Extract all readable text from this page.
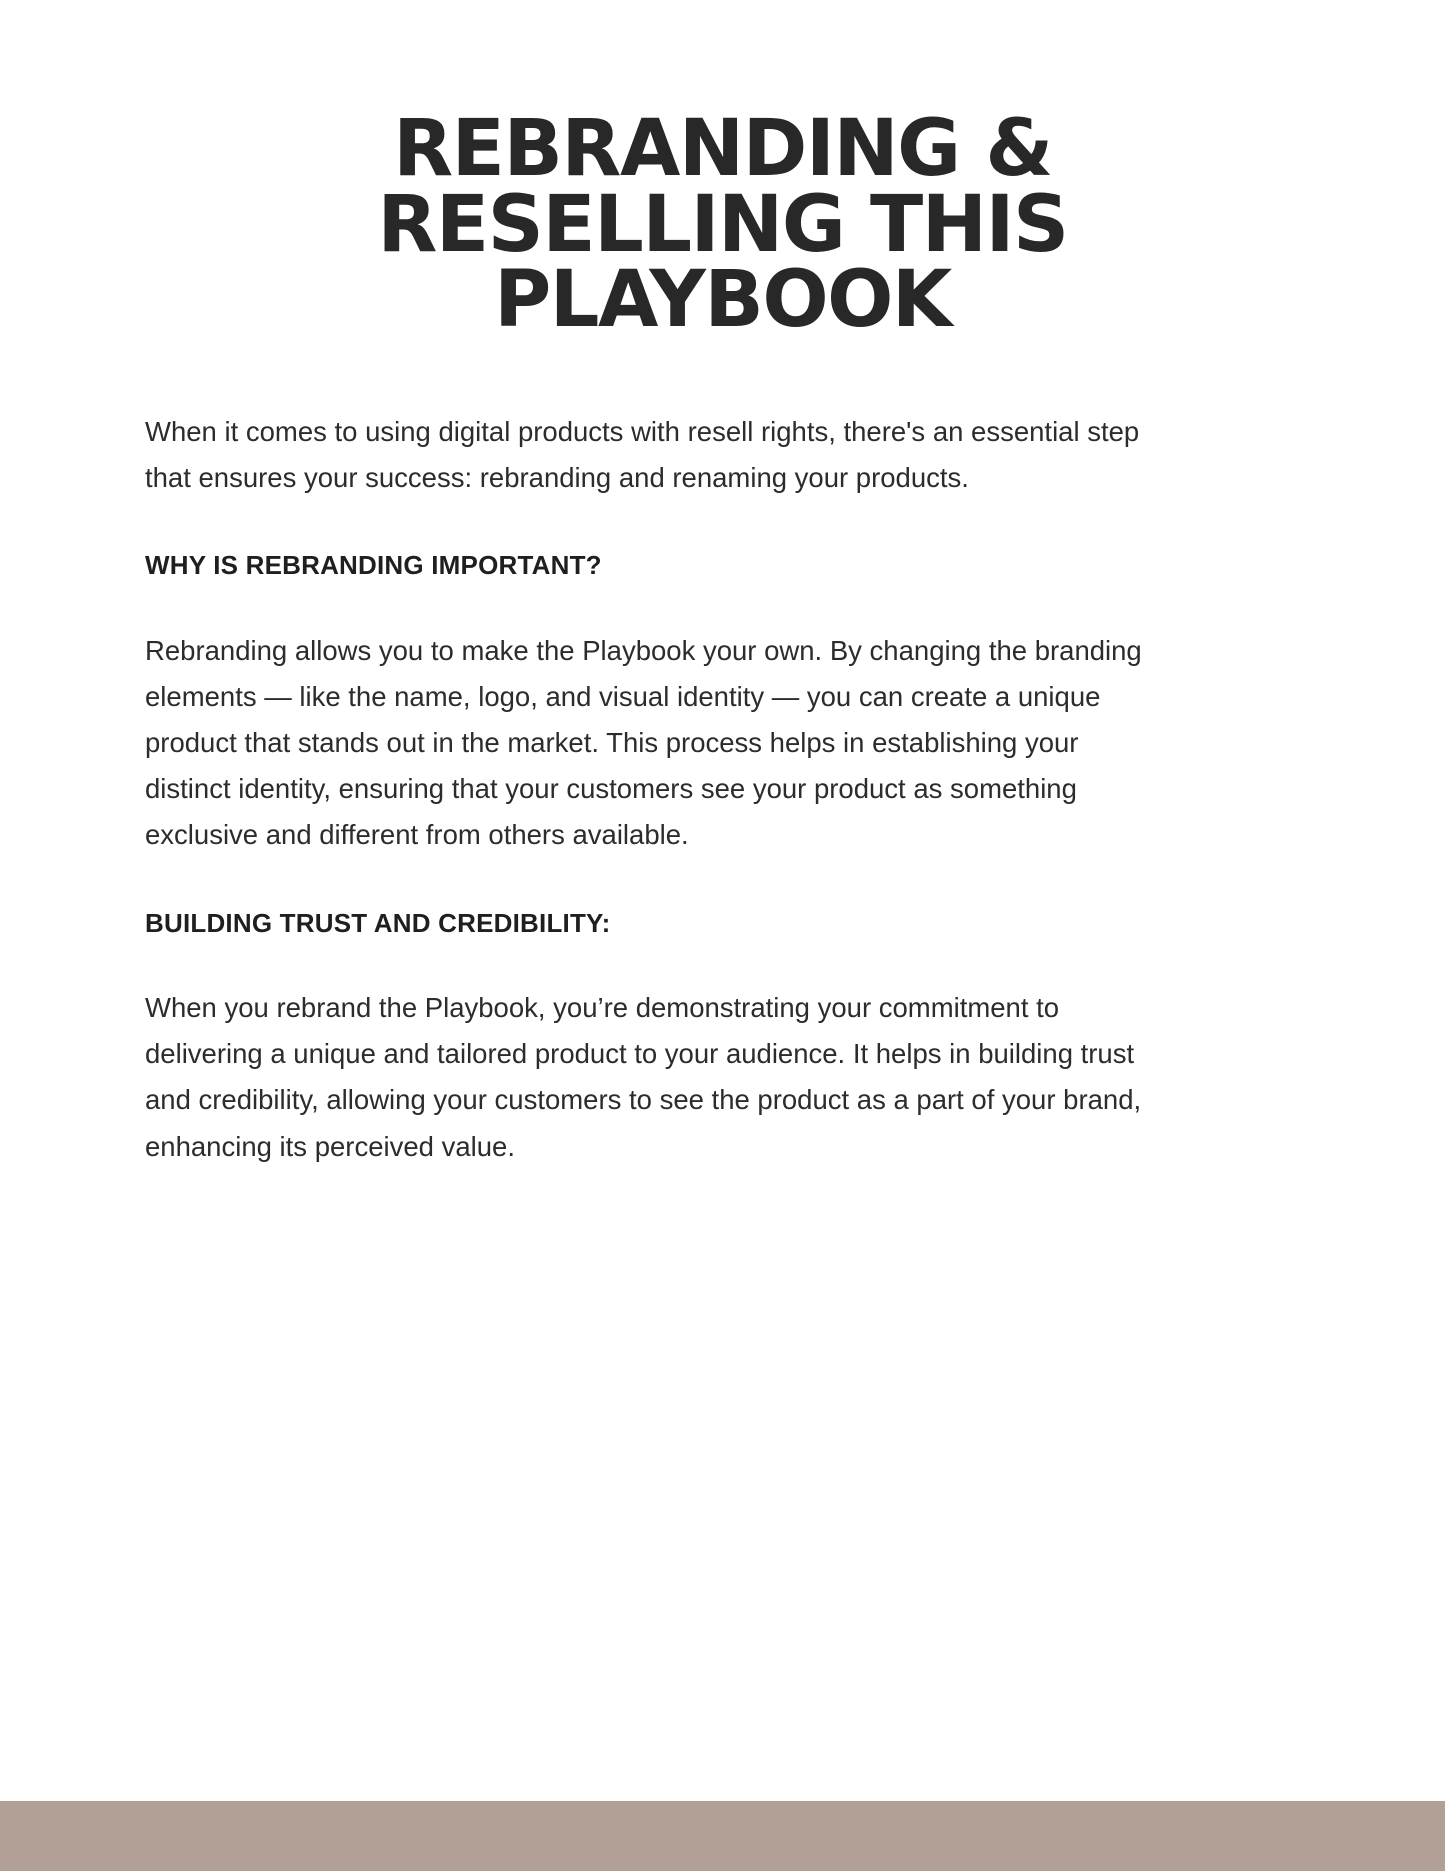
REBRANDING &
RESELLING THIS
PLAYBOOK

When it comes to using digital products with resell rights, there's an essential step that ensures your success: rebranding and renaming your products.

WHY IS REBRANDING IMPORTANT?

Rebranding allows you to make the Playbook your own. By changing the branding elements — like the name, logo, and visual identity — you can create a unique product that stands out in the market. This process helps in establishing your distinct identity, ensuring that your customers see your product as something exclusive and different from others available.

BUILDING TRUST AND CREDIBILITY:

When you rebrand the Playbook, you’re demonstrating your commitment to delivering a unique and tailored product to your audience. It helps in building trust and credibility, allowing your customers to see the product as a part of your brand, enhancing its perceived value.
